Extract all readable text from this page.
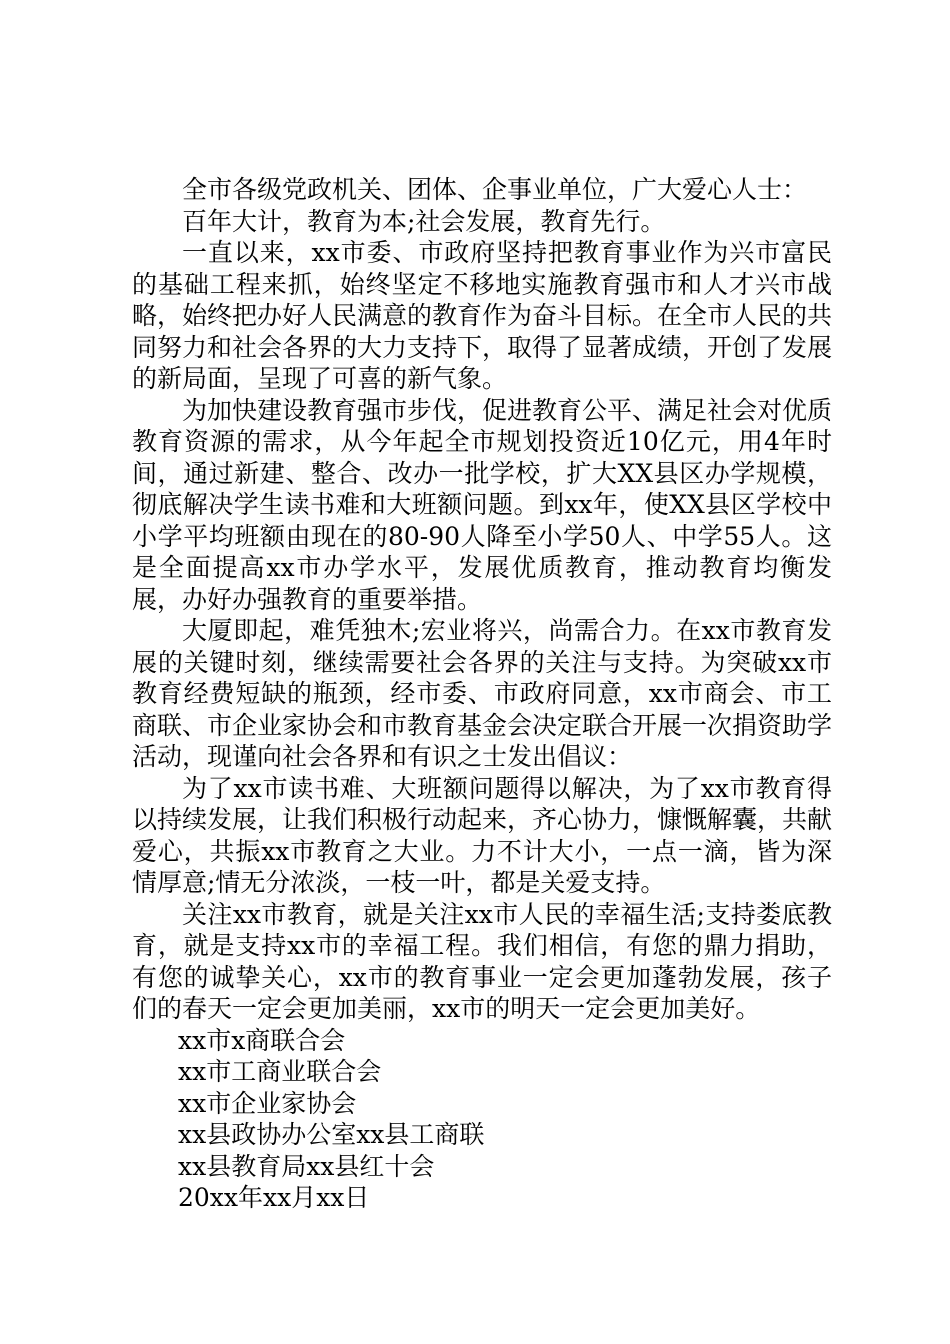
全市各级党政机关、团体、企事业单位，广大爱心人士：

百年大计，教育为本;社会发展，教育先行。

一直以来，xx市委、市政府坚持把教育事业作为兴市富民的基础工程来抓，始终坚定不移地实施教育强市和人才兴市战略，始终把办好人民满意的教育作为奋斗目标。在全市人民的共同努力和社会各界的大力支持下，取得了显著成绩，开创了发展的新局面，呈现了可喜的新气象。

为加快建设教育强市步伐，促进教育公平、满足社会对优质教育资源的需求，从今年起全市规划投资近10亿元，用4年时间，通过新建、整合、改办一批学校，扩大XX县区办学规模，彻底解决学生读书难和大班额问题。到xx年，使XX县区学校中小学平均班额由现在的80-90人降至小学50人、中学55人。这是全面提高xx市办学水平，发展优质教育，推动教育均衡发展，办好办强教育的重要举措。

大厦即起，难凭独木;宏业将兴，尚需合力。在xx市教育发展的关键时刻，继续需要社会各界的关注与支持。为突破xx市教育经费短缺的瓶颈，经市委、市政府同意，xx市商会、市工商联、市企业家协会和市教育基金会决定联合开展一次捐资助学活动，现谨向社会各界和有识之士发出倡议：

为了xx市读书难、大班额问题得以解决，为了xx市教育得以持续发展，让我们积极行动起来，齐心协力，慷慨解囊，共献爱心，共振xx市教育之大业。力不计大小，一点一滴，皆为深情厚意;情无分浓淡，一枝一叶，都是关爱支持。

关注xx市教育，就是关注xx市人民的幸福生活;支持娄底教育，就是支持xx市的幸福工程。我们相信，有您的鼎力捐助，有您的诚挚关心，xx市的教育事业一定会更加蓬勃发展，孩子们的春天一定会更加美丽，xx市的明天一定会更加美好。

xx市x商联合会

xx市工商业联合会

xx市企业家协会

xx县政协办公室xx县工商联

xx县教育局xx县红十会

20xx年xx月xx日
